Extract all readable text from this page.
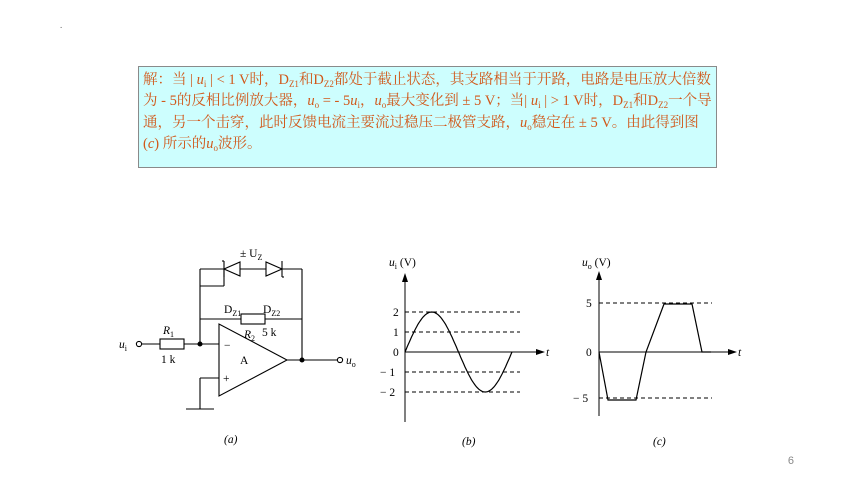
.
解：当 | $u_i$ | < 1 V时，$D_{Z1}$和$D_{Z2}$都处于截止状态，其支路相当于开路，电路是电压放大倍数为 - 5的反相比例放大器，$u_o$ = - $5u_i$，$u_o$最大变化到 ± 5 V；当| $u_i$ | > 1 V时，$D_{Z1}$和$D_{Z2}$一个导通，另一个击穿，此时反馈电流主要流过稳压二极管支路，$u_o$稳定在 ± 5 V。由此得到图 (c) 所示的$u_o$波形。
± $U_Z$
$D_{Z1}$ $D_{Z2}$
$R_2$ 5 k
$R_1$
1 k
$u_i$
$u_o$
A
−
+
(a)
$u_i$ (V)
t
2
1
0
− 1
− 2
(b)
$u_o$ (V)
t
5
0
− 5
(c)
6
